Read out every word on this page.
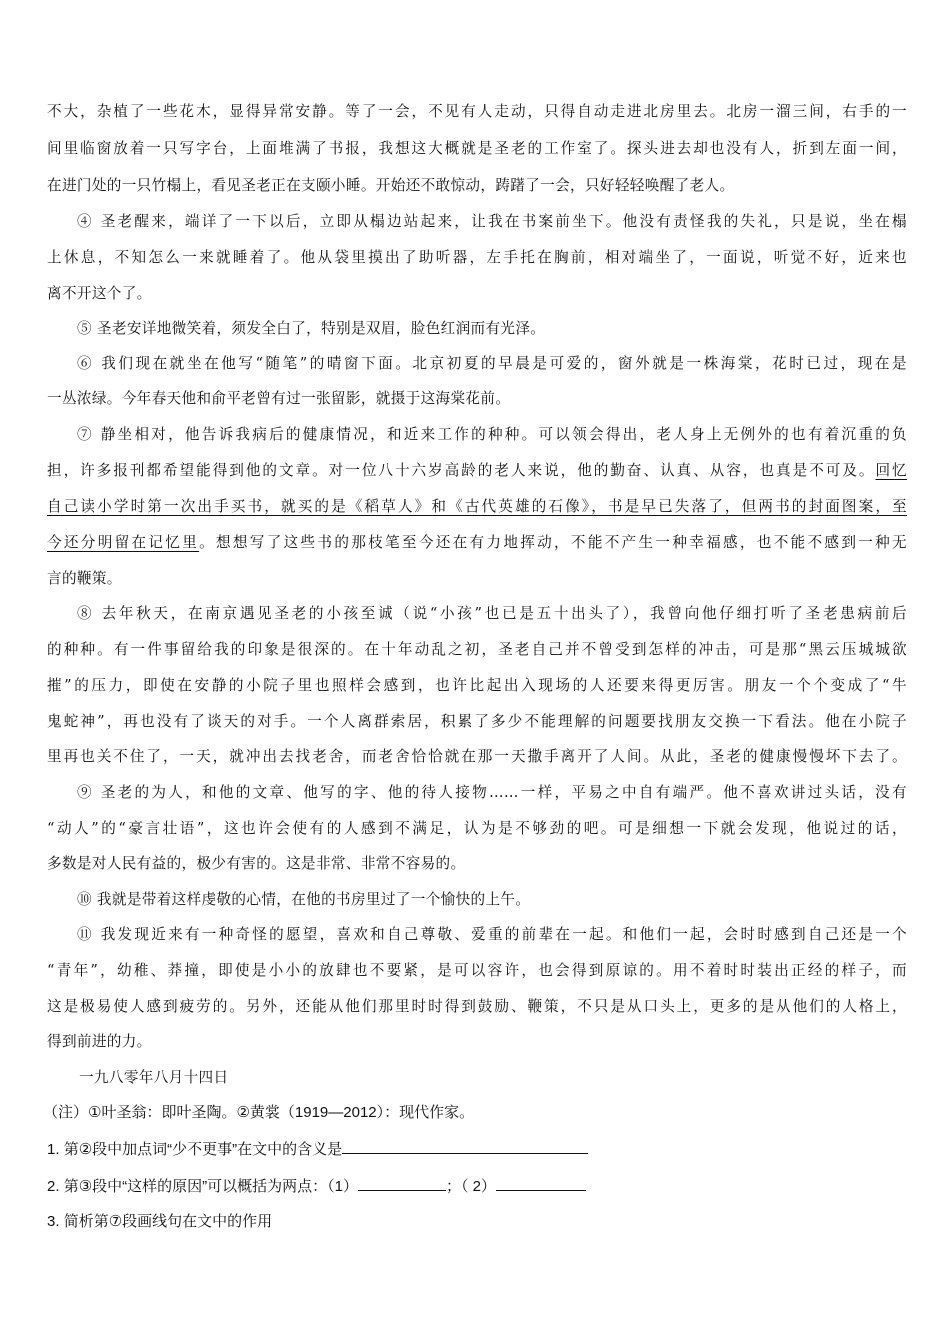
不大，杂植了一些花木，显得异常安静。等了一会，不见有人走动，只得自动走进北房里去。北房一溜三间，右手的一
间里临窗放着一只写字台，上面堆满了书报，我想这大概就是圣老的工作室了。探头进去却也没有人，折到左面一间，
在进门处的一只竹榻上，看见圣老正在支颐小睡。开始还不敢惊动，踌躇了一会，只好轻轻唤醒了老人。
④ 圣老醒来，端详了一下以后，立即从榻边站起来，让我在书案前坐下。他没有责怪我的失礼，只是说，坐在榻
上休息，不知怎么一来就睡着了。他从袋里摸出了助听器，左手托在胸前，相对端坐了，一面说，听觉不好，近来也
离不开这个了。
⑤ 圣老安详地微笑着，须发全白了，特别是双眉，脸色红润而有光泽。
⑥ 我们现在就坐在他写“随笔”的晴窗下面。北京初夏的早晨是可爱的，窗外就是一株海棠，花时已过，现在是
一丛浓绿。今年春天他和俞平老曾有过一张留影，就摄于这海棠花前。
⑦ 静坐相对，他告诉我病后的健康情况，和近来工作的种种。可以领会得出，老人身上无例外的也有着沉重的负
担，许多报刊都希望能得到他的文章。对一位八十六岁高龄的老人来说，他的勤奋、认真、从容，也真是不可及。回忆
自己读小学时第一次出手买书，就买的是《稻草人》和《古代英雄的石像》，书是早已失落了，但两书的封面图案，至
今还分明留在记忆里。想想写了这些书的那枝笔至今还在有力地挥动，不能不产生一种幸福感，也不能不感到一种无
言的鞭策。
⑧ 去年秋天，在南京遇见圣老的小孩至诚（说“小孩”也已是五十出头了），我曾向他仔细打听了圣老患病前后
的种种。有一件事留给我的印象是很深的。在十年动乱之初，圣老自己并不曾受到怎样的冲击，可是那“黑云压城城欲
摧”的压力，即使在安静的小院子里也照样会感到，也许比起出入现场的人还要来得更厉害。朋友一个个变成了“牛
鬼蛇神”，再也没有了谈天的对手。一个人离群索居，积累了多少不能理解的问题要找朋友交换一下看法。他在小院子
里再也关不住了，一天，就冲出去找老舍，而老舍恰恰就在那一天撒手离开了人间。从此，圣老的健康慢慢坏下去了。
⑨ 圣老的为人，和他的文章、他写的字、他的待人接物……一样，平易之中自有端严。他不喜欢讲过头话，没有
“动人”的“豪言壮语”，这也许会使有的人感到不满足，认为是不够劲的吧。可是细想一下就会发现，他说过的话，
多数是对人民有益的，极少有害的。这是非常、非常不容易的。
⑩ 我就是带着这样虔敬的心情，在他的书房里过了一个愉快的上午。
⑪ 我发现近来有一种奇怪的愿望，喜欢和自己尊敬、爱重的前辈在一起。和他们一起，会时时感到自己还是一个
“青年”，幼稚、莽撞，即使是小小的放肆也不要紧，是可以容许，也会得到原谅的。用不着时时装出正经的样子，而
这是极易使人感到疲劳的。另外，还能从他们那里时时得到鼓励、鞭策，不只是从口头上，更多的是从他们的人格上，
得到前进的力。
一九八零年八月十四日
（注）①叶圣翁：即叶圣陶。②黄裳（1919—2012）：现代作家。
1. 第②段中加点词“少不更事”在文中的含义是
2. 第③段中“这样的原因”可以概括为两点：（1）	；（ 2）
3. 简析第⑦段画线句在文中的作用
